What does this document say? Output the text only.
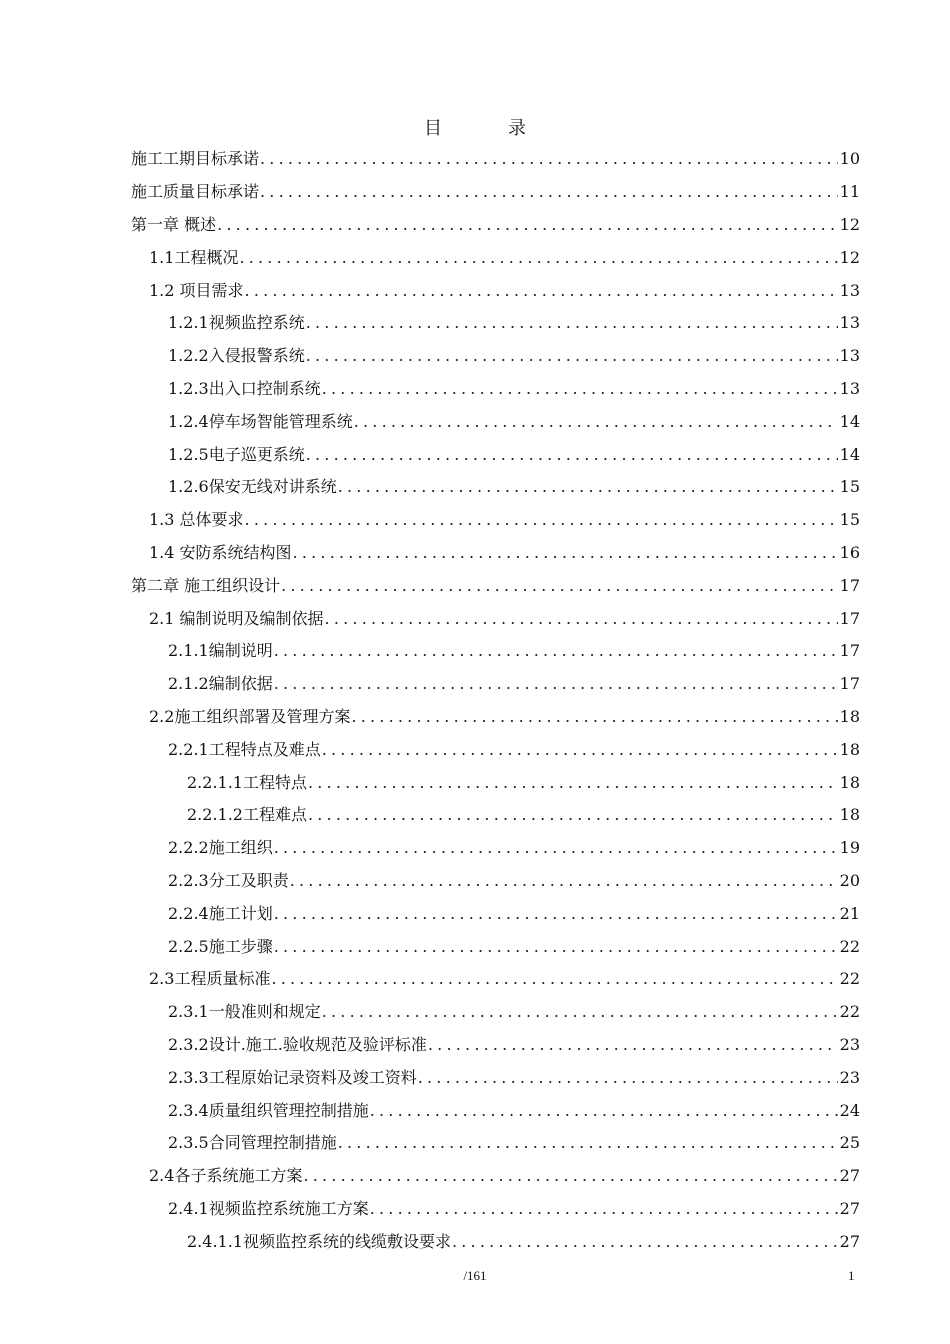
目	录
施工工期目标承诺 .....	10
施工质量目标承诺 .....	11
第一章 概述 .....	12
1.1工程概况 .....	12
1.2 项目需求 .....	13
1.2.1视频监控系统 .....	13
1.2.2入侵报警系统 .....	13
1.2.3出入口控制系统 .....	13
1.2.4停车场智能管理系统 .....	14
1.2.5电子巡更系统 .....	14
1.2.6保安无线对讲系统 .....	15
1.3 总体要求 .....	15
1.4 安防系统结构图 .....	16
第二章 施工组织设计 .....	17
2.1 编制说明及编制依据 .....	17
2.1.1编制说明 .....	17
2.1.2编制依据 .....	17
2.2施工组织部署及管理方案 .....	18
2.2.1工程特点及难点 .....	18
2.2.1.1工程特点 .....	18
2.2.1.2工程难点 .....	18
2.2.2施工组织 .....	19
2.2.3分工及职责 .....	20
2.2.4施工计划 .....	21
2.2.5施工步骤 .....	22
2.3工程质量标准 .....	22
2.3.1一般准则和规定 .....	22
2.3.2设计.施工.验收规范及验评标准 .....	23
2.3.3工程原始记录资料及竣工资料 .....	23
2.3.4质量组织管理控制措施 .....	24
2.3.5合同管理控制措施 .....	25
2.4各子系统施工方案 .....	27
2.4.1视频监控系统施工方案 .....	27
2.4.1.1视频监控系统的线缆敷设要求 .....	27
/161	1
